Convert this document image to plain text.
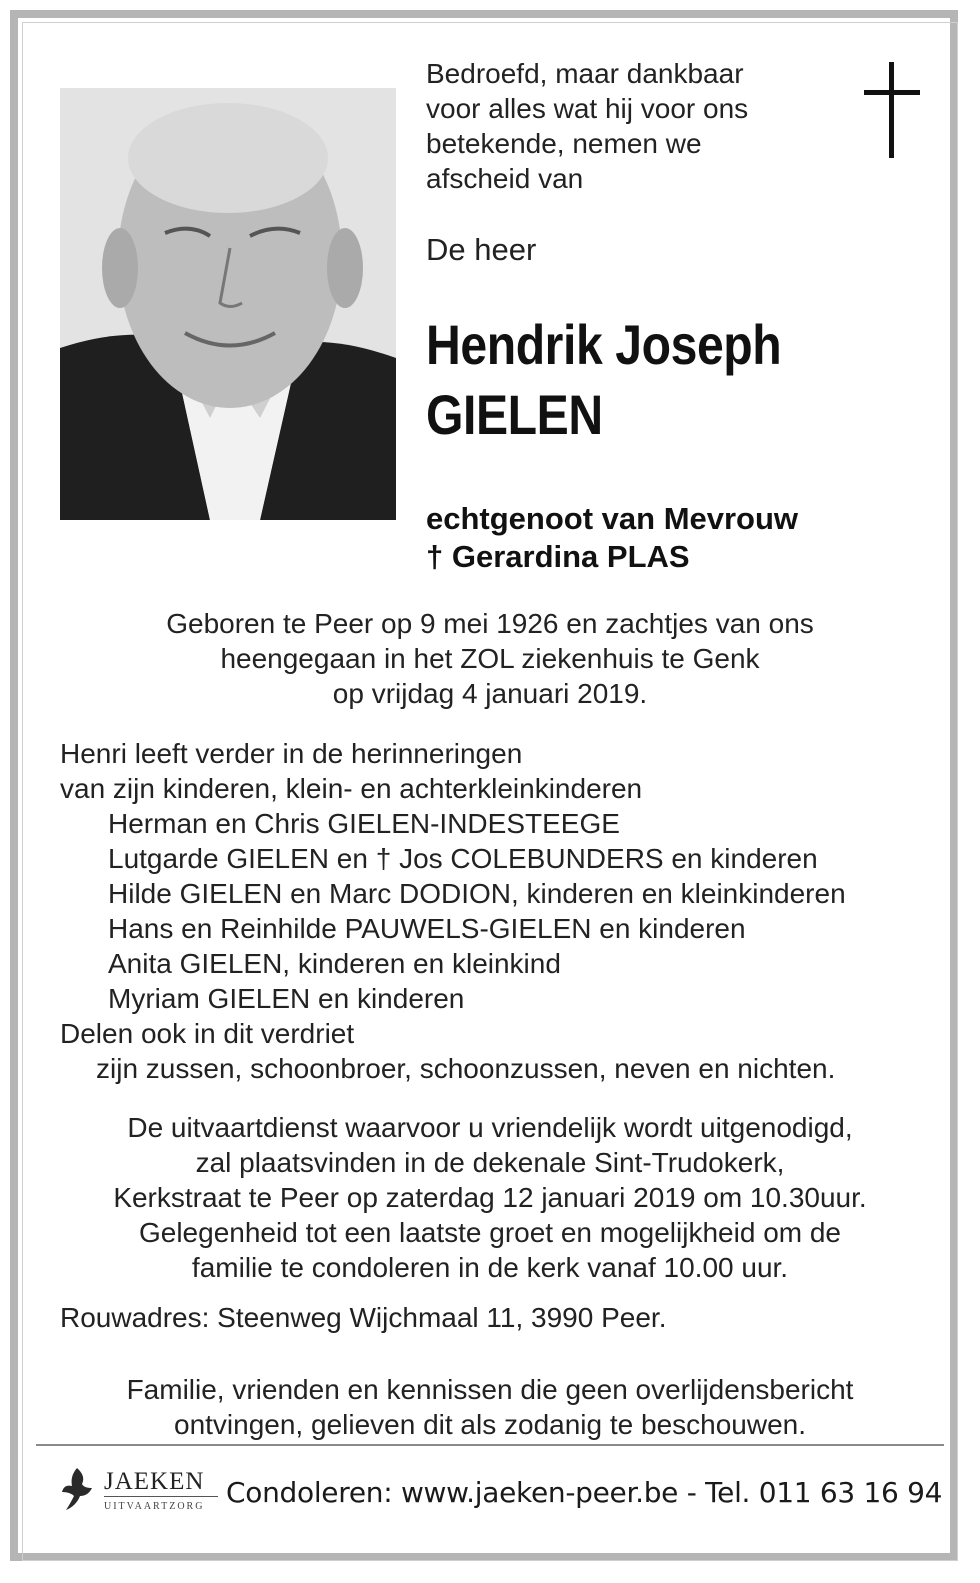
Bedroefd, maar dankbaar
voor alles wat hij voor ons
betekende, nemen we
afscheid van
De heer
Hendrik Joseph
GIELEN
echtgenoot van Mevrouw
† Gerardina PLAS
Geboren te Peer op 9 mei 1926 en zachtjes van ons
heengegaan in het ZOL ziekenhuis te Genk
op vrijdag 4 januari 2019.
Henri leeft verder in de herinneringen
van zijn kinderen, klein- en achterkleinkinderen
Herman en Chris GIELEN-INDESTEEGE
Lutgarde GIELEN en † Jos COLEBUNDERS en kinderen
Hilde GIELEN en Marc DODION, kinderen en kleinkinderen
Hans en Reinhilde PAUWELS-GIELEN en kinderen
Anita GIELEN, kinderen en kleinkind
Myriam GIELEN en kinderen
Delen ook in dit verdriet
zijn zussen, schoonbroer, schoonzussen, neven en nichten.
De uitvaartdienst waarvoor u vriendelijk wordt uitgenodigd,
zal plaatsvinden in de dekenale Sint-Trudokerk,
Kerkstraat te Peer op zaterdag 12 januari 2019 om 10.30uur.
Gelegenheid tot een laatste groet en mogelijkheid om de
familie te condoleren in de kerk vanaf 10.00 uur.
Rouwadres: Steenweg Wijchmaal 11, 3990 Peer.
Familie, vrienden en kennissen die geen overlijdensbericht
ontvingen, gelieven dit als zodanig te beschouwen.
JAEKEN
UITVAARTZORG Condoleren: www.jaeken-peer.be - Tel. 011 63 16 94
